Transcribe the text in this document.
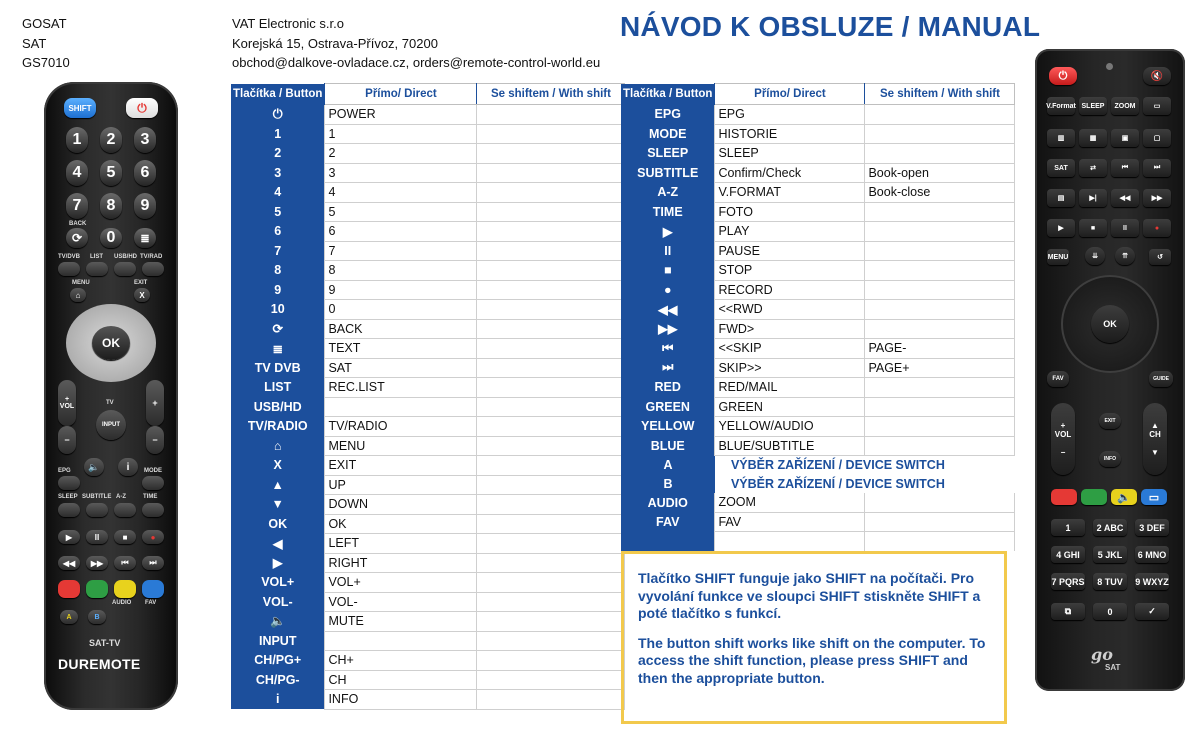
GOSAT
SAT
GS7010
VAT Electronic s.r.o
Korejská 15, Ostrava-Přívoz, 70200
obchod@dalkove-ovladace.cz, orders@remote-control-world.eu
NÁVOD K OBSLUZE / MANUAL
SHIFT	⏻
1	2	3
4	5	6
7	8	9
BACK
⟳	0	≣
TV/DVB LIST USB/HD TV/RAD
MENU	EXIT
⌂	X
OK
+

VOL	TV
INPUT
+
−	−
EPG	MODE
🔈	i
SLEEP SUBTITLE A-Z	TIME
▶	II	■	●
◀◀	▶▶	⏮	⏭
AUDIO FAV
A	B
SAT-TV
DUREMOTE
Tlačítka / Button	Přímo/ Direct	Se shiftem / With shift
⏻	POWER	
1	1	
2	2	
3	3	
4	4	
5	5	
6	6	
7	7	
8	8	
9	9	
10	0	
⟳	BACK	
≣	TEXT	
TV DVB	SAT	
LIST	REC.LIST	
USB/HD		
TV/RADIO	TV/RADIO	
⌂	MENU	
X	EXIT	
▲	UP	
▼	DOWN	
OK	OK	
◀	LEFT	
▶	RIGHT	
VOL+	VOL+	
VOL-	VOL-	
🔈	MUTE	
INPUT		
CH/PG+	CH+	
CH/PG-	CH	
i	INFO	
Tlačítka / Button	Přímo/ Direct	Se shiftem / With shift
EPG	EPG	
MODE	HISTORIE	
SLEEP	SLEEP	
SUBTITLE	Confirm/Check	Book-open
A-Z	V.FORMAT	Book-close
TIME	FOTO	
▶	PLAY	
II	PAUSE	
■	STOP	
●	RECORD	
◀◀	<<RWD	
▶▶	FWD>	
⏮	<<SKIP	PAGE-
⏭	SKIP>>	PAGE+
RED	RED/MAIL	
GREEN	GREEN	
YELLOW	YELLOW/AUDIO	
BLUE	BLUE/SUBTITLE	
A	VÝBĚR ZAŘÍZENÍ / DEVICE SWITCH	
B	VÝBĚR ZAŘÍZENÍ / DEVICE SWITCH	
AUDIO	ZOOM	
FAV	FAV	

Tlačítko SHIFT funguje jako SHIFT na počítači. Pro vyvolání funkce ve sloupci SHIFT stiskněte SHIFT a poté tlačítko s funkcí.

The button shift works like shift on the computer. To access the shift function, please press SHIFT and then the appropriate button.

⏻	🔇
V.Format SLEEP	ZOOM	▭
▥	▦	▣	▢
SAT	⇄	⏮	⏭
▤	▶|	◀◀	▶▶
▶	■	II	●
MENU	⇊	⇈	↺
OK
FAV	GUIDE
+

VOL

−
EXIT
INFO
▲

CH

▼
🔈	▭
1	2 ABC	3 DEF
4 GHI	5 JKL	6 MNO
7 PQRS	8 TUV	9 WXYZ
⧉	0	✓
go
SAT
